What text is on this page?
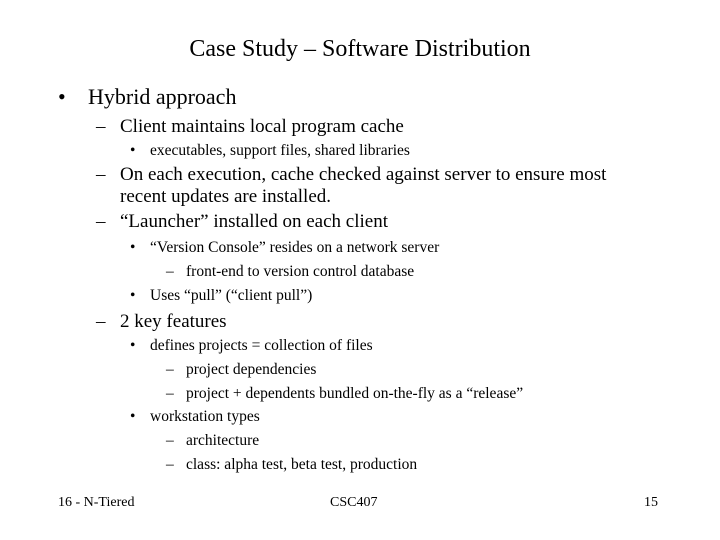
Case Study – Software Distribution
• Hybrid approach
– Client maintains local program cache
• executables, support files, shared libraries
– On each execution, cache checked against server to ensure most
recent updates are installed.
– “Launcher” installed on each client
• “Version Console” resides on a network server
– front-end to version control database
• Uses “pull” (“client pull”)
– 2 key features
• defines projects = collection of files
– project dependencies
– project + dependents bundled on-the-fly as a “release”
• workstation types
– architecture
– class: alpha test, beta test, production
16 - N-Tiered	CSC407	15
